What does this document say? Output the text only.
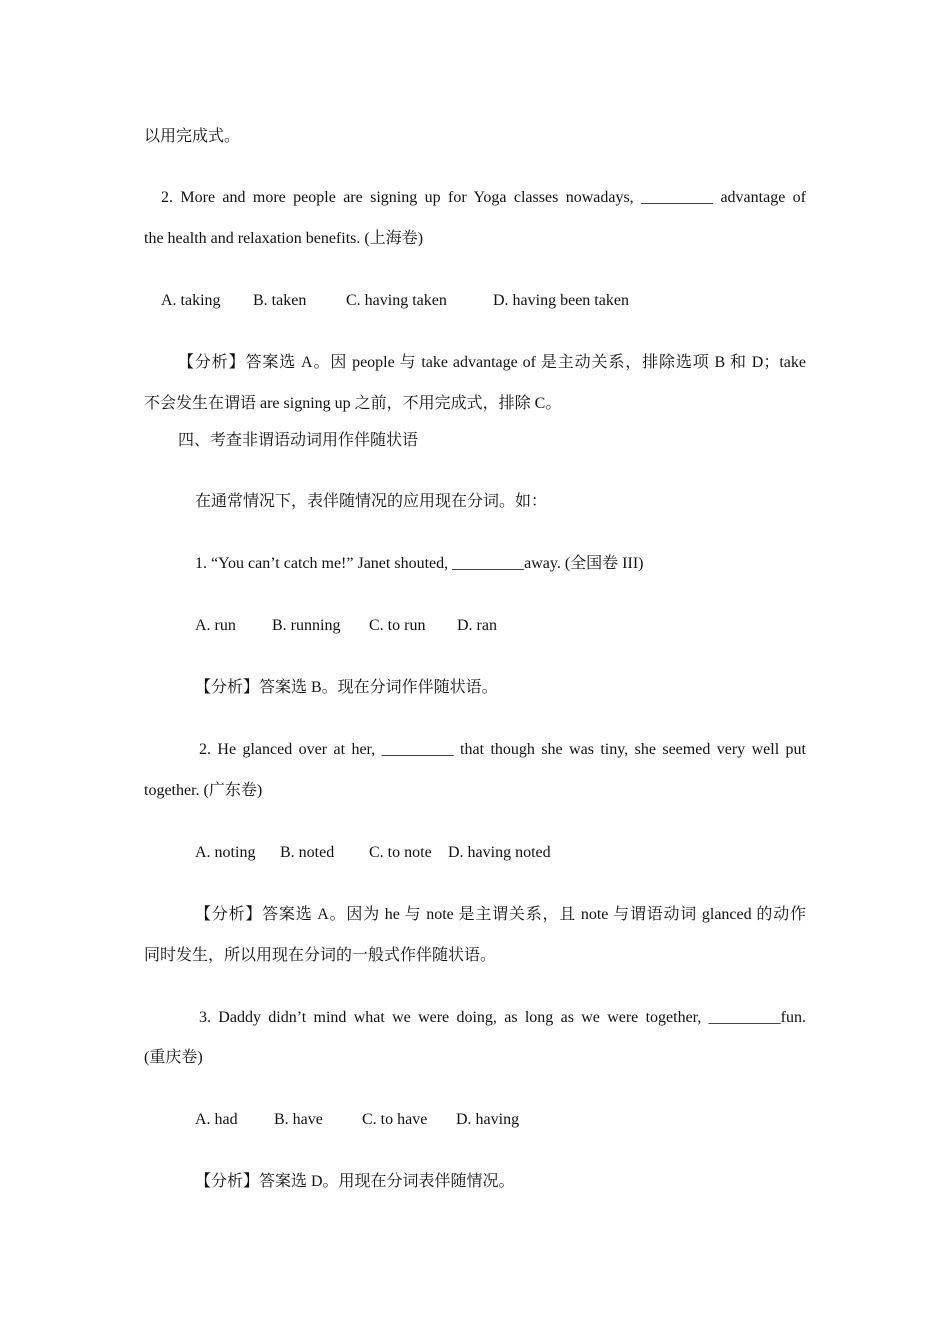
以用完成式。
2. More and more people are signing up for Yoga classes nowadays, _________ advantage of
the health and relaxation benefits. (上海卷)
A. taking B. taken C. having taken	D. having been taken
【分析】答案选 A。因 people 与 take advantage of 是主动关系，排除选项 B 和 D；take
不会发生在谓语 are signing up 之前，不用完成式，排除 C。
四、考查非谓语动词用作伴随状语
在通常情况下，表伴随情况的应用现在分词。如：
1. “You can’t catch me!” Janet shouted, _________away. (全国卷 III)
A. run B. running C. to run D. ran
【分析】答案选 B。现在分词作伴随状语。
2. He glanced over at her, _________ that though she was tiny, she seemed very well put
together. (广东卷)
A. noting B. noted C. to note D. having noted
【分析】答案选 A。因为 he 与 note 是主谓关系，且 note 与谓语动词 glanced 的动作
同时发生，所以用现在分词的一般式作伴随状语。
3. Daddy didn’t mind what we were doing, as long as we were together, _________fun.
(重庆卷)
A. had B. have C. to have D. having
【分析】答案选 D。用现在分词表伴随情况。
